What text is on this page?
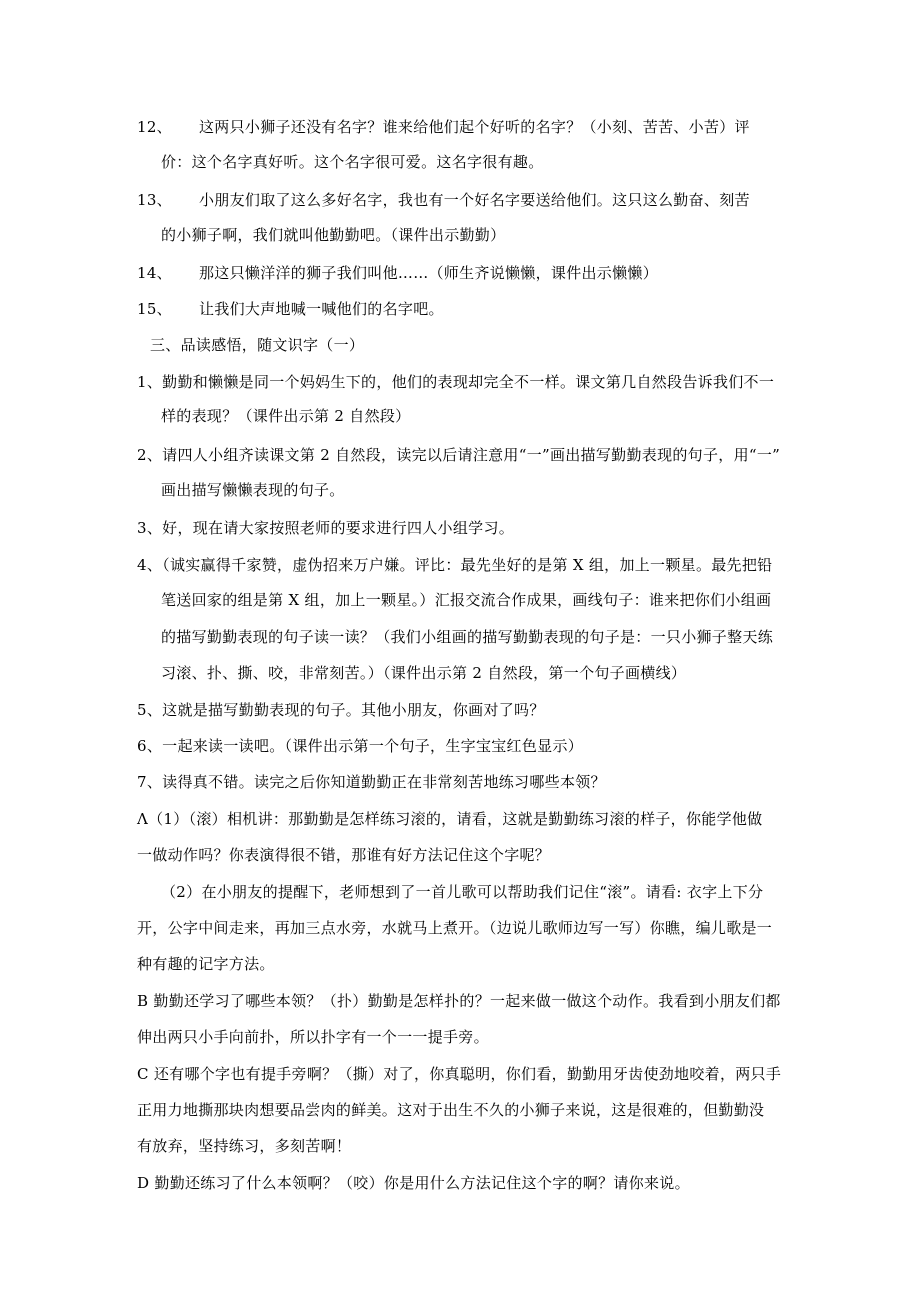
12、 这两只小狮子还没有名字？谁来给他们起个好听的名字？（小刻、苦苦、小苦）评
价：这个名字真好听。这个名字很可爱。这名字很有趣。
13、 小朋友们取了这么多好名字，我也有一个好名字要送给他们。这只这么勤奋、刻苦
的小狮子啊，我们就叫他勤勤吧。（课件出示勤勤）
14、 那这只懒洋洋的狮子我们叫他……（师生齐说懒懒，课件出示懒懒）
15、 让我们大声地喊一喊他们的名字吧。
三、品读感悟，随文识字（一）
1、勤勤和懒懒是同一个妈妈生下的，他们的表现却完全不一样。课文第几自然段告诉我们不一
样的表现？（课件出示第 2 自然段）
2、请四人小组齐读课文第 2 自然段，读完以后请注意用“一”画出描写勤勤表现的句子，用“一”
画出描写懒懒表现的句子。
3、好，现在请大家按照老师的要求进行四人小组学习。
4、（诚实赢得千家赞，虚伪招来万户嫌。评比：最先坐好的是第 X 组，加上一颗星。最先把铅
笔送回家的组是第 X 组，加上一颗星。）汇报交流合作成果，画线句子：谁来把你们小组画
的描写勤勤表现的句子读一读？（我们小组画的描写勤勤表现的句子是：一只小狮子整天练
习滚、扑、撕、咬，非常刻苦。）（课件出示第 2 自然段，第一个句子画横线）
5、这就是描写勤勤表现的句子。其他小朋友，你画对了吗？
6、一起来读一读吧。（课件出示第一个句子，生字宝宝红色显示）
7、读得真不错。读完之后你知道勤勤正在非常刻苦地练习哪些本领？
Λ（1）（滚）相机讲：那勤勤是怎样练习滚的，请看，这就是勤勤练习滚的样子，你能学他做
一做动作吗？你表演得很不错，那谁有好方法记住这个字呢？
（2）在小朋友的提醒下，老师想到了一首儿歌可以帮助我们记住“滚”。请看: 衣字上下分
开，公字中间走来，再加三点水旁，水就马上煮开。（边说儿歌师边写一写）你瞧，编儿歌是一
种有趣的记字方法。
B 勤勤还学习了哪些本领？（扑）勤勤是怎样扑的？一起来做一做这个动作。我看到小朋友们都
伸出两只小手向前扑，所以扑字有一个一一提手旁。
C 还有哪个字也有提手旁啊？（撕）对了，你真聪明，你们看，勤勤用牙齿使劲地咬着，两只手
正用力地撕那块肉想要品尝肉的鲜美。这对于出生不久的小狮子来说，这是很难的，但勤勤没
有放弃，坚持练习，多刻苦啊！
D 勤勤还练习了什么本领啊？（咬）你是用什么方法记住这个字的啊？请你来说。
